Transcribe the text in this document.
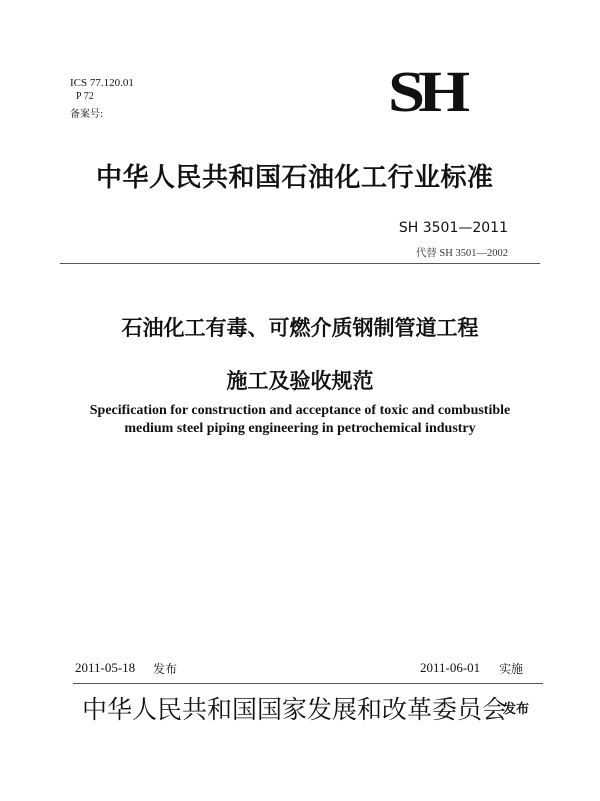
ICS 77.120.01
P 72
备案号:	SH
中华人民共和国石油化工行业标准
SH 3501—2011
代替 SH 3501—2002
石油化工有毒、可燃介质钢制管道工程
施工及验收规范
Specification for construction and acceptance of toxic and combustible
medium steel piping engineering in petrochemical industry
2011-05-18 发布	2011-06-01 实施
中华人民共和国国家发展和改革委员会
发布
